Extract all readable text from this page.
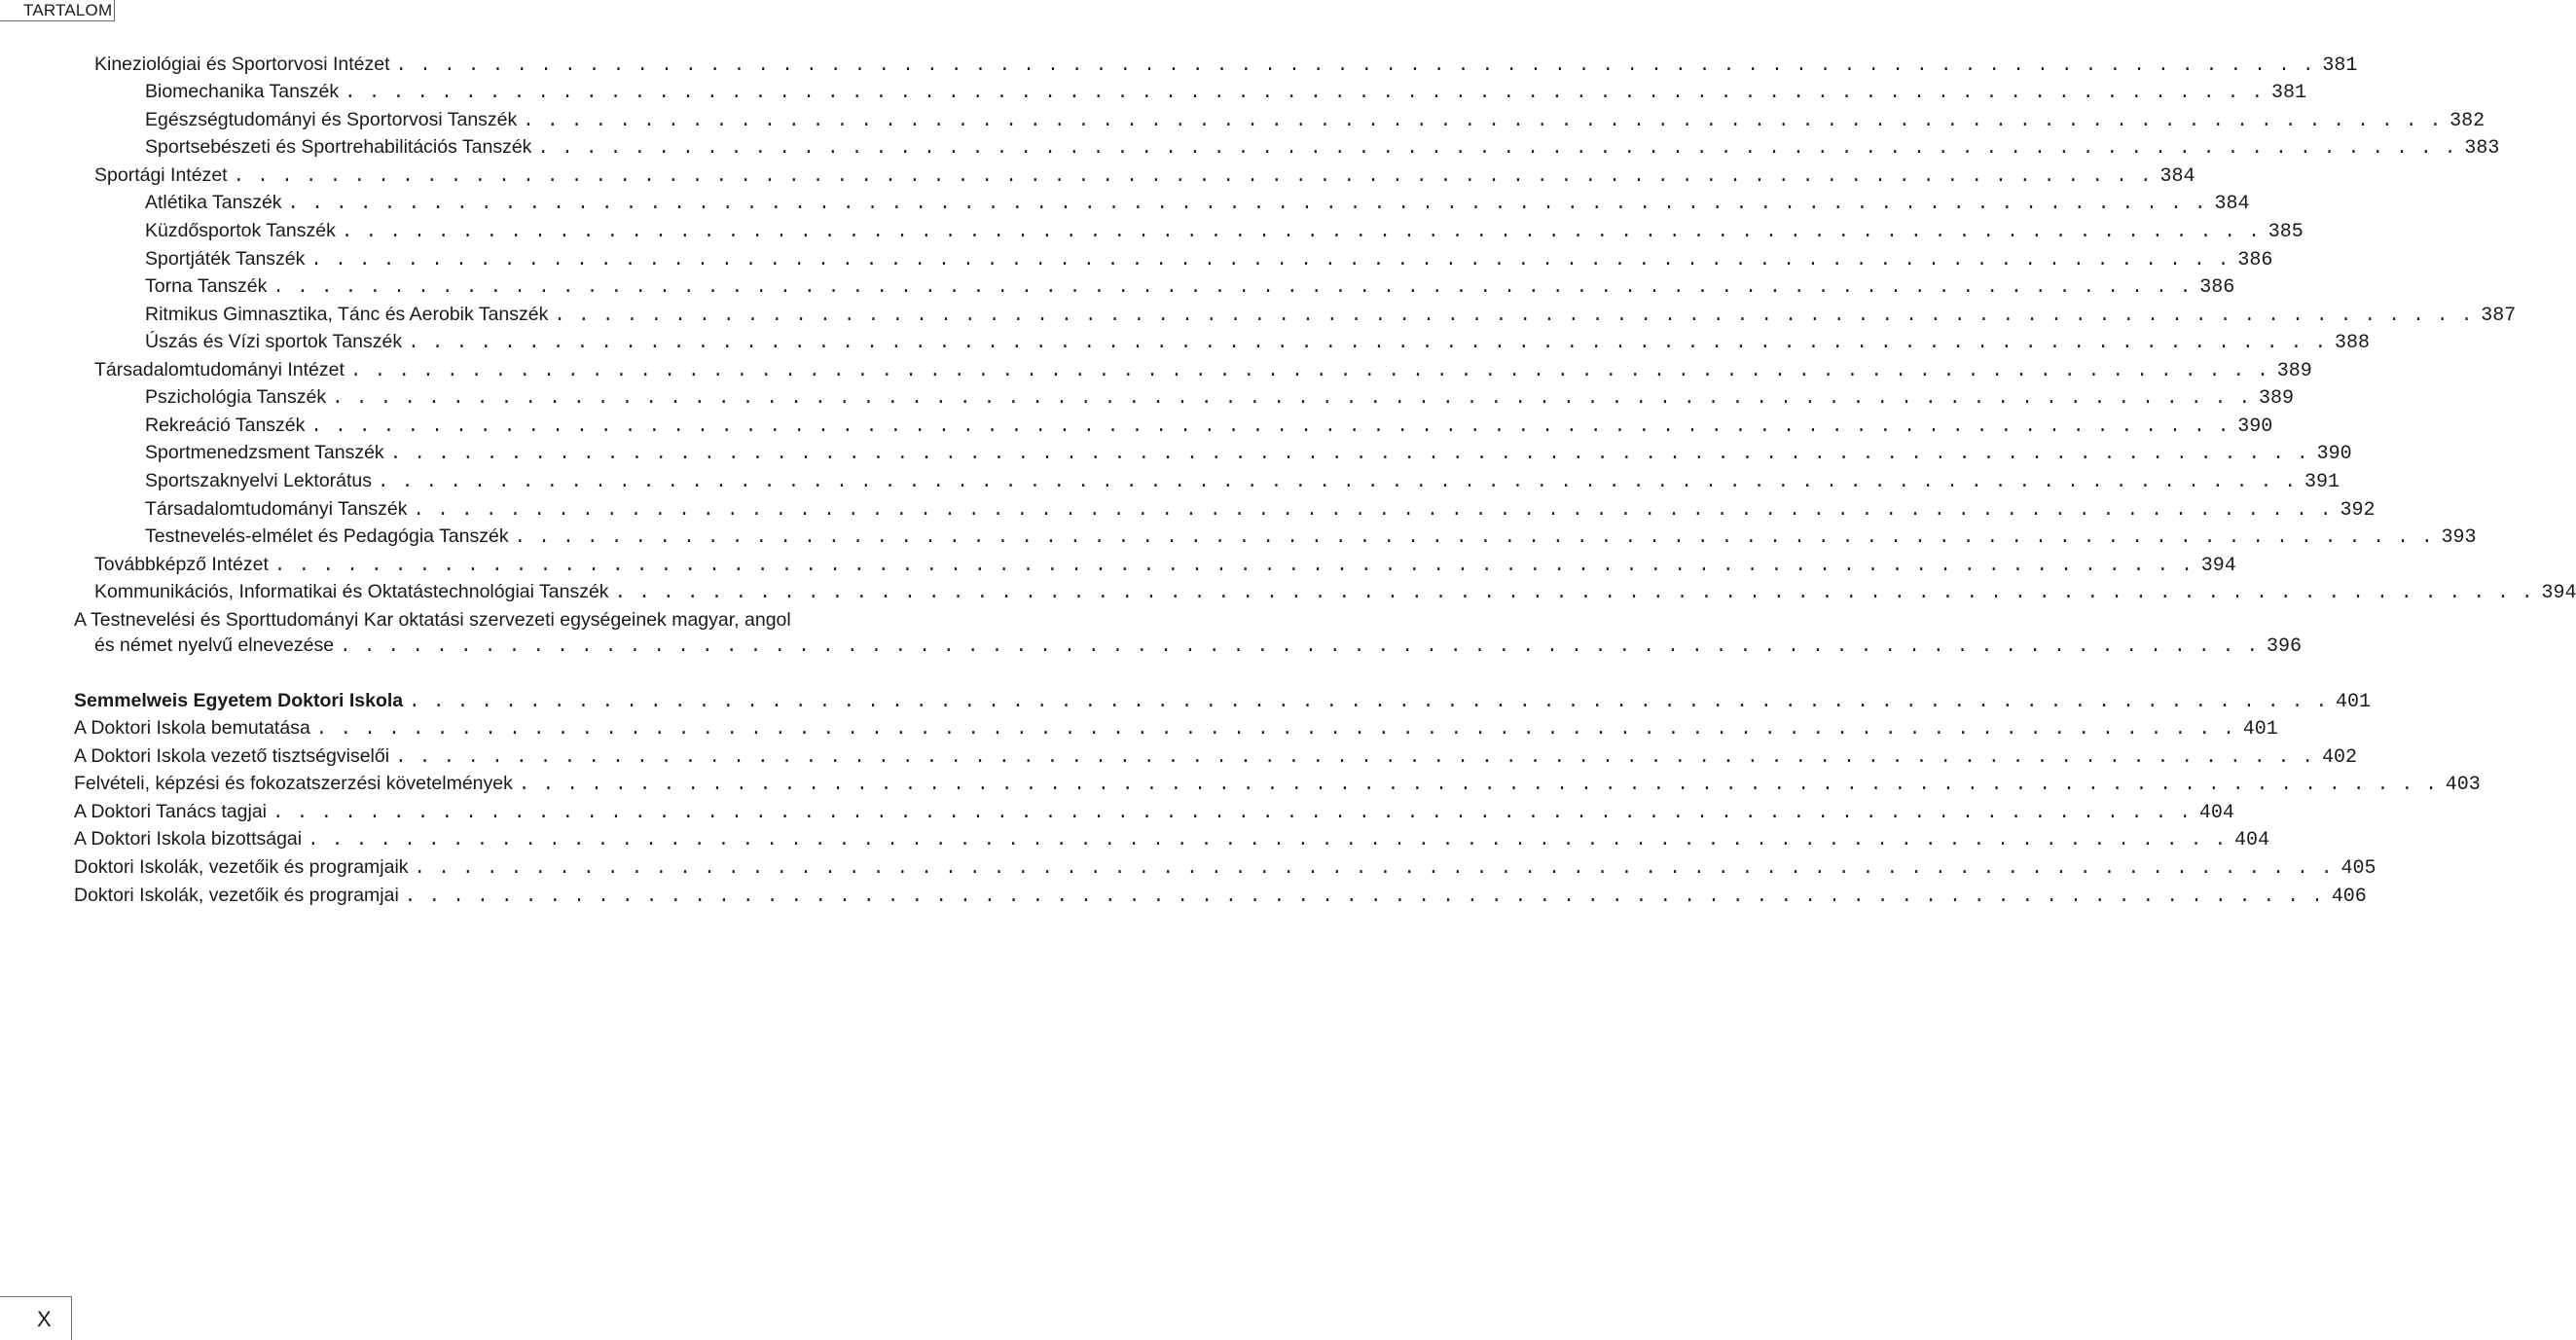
TARTALOM
Kineziológiai és Sportorvosi Intézet . . . . . . . . . . . . . . . . . . . . . . . . . . . . . . . . . . . . . . . . . . . . . . . . . . . . . . . . . . . . . . . . . . . . . . . . . . . . . . . . 381
Biomechanika Tanszék . . . . . . . . . . . . . . . . . . . . . . . . . . . . . . . . . . . . . . . . . . . . . . . . . . . . . . . . . . . . . . . . . . . . . . . . . . . . . . . . 381
Egészségtudományi és Sportorvosi Tanszék . . . . . . . . . . . . . . . . . . . . . . . . . . . . . . . . . . . . . . . . . . . . . . . . . . . . . . . . . . . . . . . . . . . . . . . . . . . . . . . . 382
Sportsebészeti és Sportrehabilitációs Tanszék . . . . . . . . . . . . . . . . . . . . . . . . . . . . . . . . . . . . . . . . . . . . . . . . . . . . . . . . . . . . . . . . . . . . . . . . . . . . . . . . 383
Sportági Intézet . . . . . . . . . . . . . . . . . . . . . . . . . . . . . . . . . . . . . . . . . . . . . . . . . . . . . . . . . . . . . . . . . . . . . . . . . . . . . . . . 384
Atlétika Tanszék . . . . . . . . . . . . . . . . . . . . . . . . . . . . . . . . . . . . . . . . . . . . . . . . . . . . . . . . . . . . . . . . . . . . . . . . . . . . . . . . 384
Küzdősportok Tanszék . . . . . . . . . . . . . . . . . . . . . . . . . . . . . . . . . . . . . . . . . . . . . . . . . . . . . . . . . . . . . . . . . . . . . . . . . . . . . . . . 385
Sportjáték Tanszék . . . . . . . . . . . . . . . . . . . . . . . . . . . . . . . . . . . . . . . . . . . . . . . . . . . . . . . . . . . . . . . . . . . . . . . . . . . . . . . . 386
Torna Tanszék . . . . . . . . . . . . . . . . . . . . . . . . . . . . . . . . . . . . . . . . . . . . . . . . . . . . . . . . . . . . . . . . . . . . . . . . . . . . . . . . 386
Ritmikus Gimnasztika, Tánc és Aerobik Tanszék . . . . . . . . . . . . . . . . . . . . . . . . . . . . . . . . . . . . . . . . . . . . . . . . . . . . . . . . . . . . . . . . . . . . . . . . . . . . . . . . 387
Úszás és Vízi sportok Tanszék . . . . . . . . . . . . . . . . . . . . . . . . . . . . . . . . . . . . . . . . . . . . . . . . . . . . . . . . . . . . . . . . . . . . . . . . . . . . . . . . 388
Társadalomtudományi Intézet . . . . . . . . . . . . . . . . . . . . . . . . . . . . . . . . . . . . . . . . . . . . . . . . . . . . . . . . . . . . . . . . . . . . . . . . . . . . . . . . 389
Pszichológia Tanszék . . . . . . . . . . . . . . . . . . . . . . . . . . . . . . . . . . . . . . . . . . . . . . . . . . . . . . . . . . . . . . . . . . . . . . . . . . . . . . . . 389
Rekreáció Tanszék . . . . . . . . . . . . . . . . . . . . . . . . . . . . . . . . . . . . . . . . . . . . . . . . . . . . . . . . . . . . . . . . . . . . . . . . . . . . . . . . 390
Sportmenedzsment Tanszék . . . . . . . . . . . . . . . . . . . . . . . . . . . . . . . . . . . . . . . . . . . . . . . . . . . . . . . . . . . . . . . . . . . . . . . . . . . . . . . . 390
Sportszaknyelvi Lektorátus . . . . . . . . . . . . . . . . . . . . . . . . . . . . . . . . . . . . . . . . . . . . . . . . . . . . . . . . . . . . . . . . . . . . . . . . . . . . . . . . 391
Társadalomtudományi Tanszék . . . . . . . . . . . . . . . . . . . . . . . . . . . . . . . . . . . . . . . . . . . . . . . . . . . . . . . . . . . . . . . . . . . . . . . . . . . . . . . . 392
Testnevelés-elmélet és Pedagógia Tanszék . . . . . . . . . . . . . . . . . . . . . . . . . . . . . . . . . . . . . . . . . . . . . . . . . . . . . . . . . . . . . . . . . . . . . . . . . . . . . . . . 393
Továbbképző Intézet . . . . . . . . . . . . . . . . . . . . . . . . . . . . . . . . . . . . . . . . . . . . . . . . . . . . . . . . . . . . . . . . . . . . . . . . . . . . . . . . 394
Kommunikációs, Informatikai és Oktatástechnológiai Tanszék . . . . . . . . . . . . . . . . . . . . . . . . . . . . . . . . . . . . . . . . . . . . . . . . . . . . . . . . . . . . . . . . . . . . . . . . . . . . . . . . 394
A Testnevelési és Sporttudományi Kar oktatási szervezeti egységeinek magyar, angol
és német nyelvű elnevezése . . . . . . . . . . . . . . . . . . . . . . . . . . . . . . . . . . . . . . . . . . . . . . . . . . . . . . . . . . . . . . . . . . . . . . . . . . . . . . . . 396
Semmelweis Egyetem Doktori Iskola . . . . . . . . . . . . . . . . . . . . . . . . . . . . . . . . . . . . . . . . . . . . . . . . . . . . . . . . . . . . . . . . . . . . . . . . . . . . . . . . 401
A Doktori Iskola bemutatása . . . . . . . . . . . . . . . . . . . . . . . . . . . . . . . . . . . . . . . . . . . . . . . . . . . . . . . . . . . . . . . . . . . . . . . . . . . . . . . . 401
A Doktori Iskola vezető tisztségviselői . . . . . . . . . . . . . . . . . . . . . . . . . . . . . . . . . . . . . . . . . . . . . . . . . . . . . . . . . . . . . . . . . . . . . . . . . . . . . . . . 402
Felvételi, képzési és fokozatszerzési követelmények . . . . . . . . . . . . . . . . . . . . . . . . . . . . . . . . . . . . . . . . . . . . . . . . . . . . . . . . . . . . . . . . . . . . . . . . . . . . . . . . 403
A Doktori Tanács tagjai . . . . . . . . . . . . . . . . . . . . . . . . . . . . . . . . . . . . . . . . . . . . . . . . . . . . . . . . . . . . . . . . . . . . . . . . . . . . . . . . 404
A Doktori Iskola bizottságai . . . . . . . . . . . . . . . . . . . . . . . . . . . . . . . . . . . . . . . . . . . . . . . . . . . . . . . . . . . . . . . . . . . . . . . . . . . . . . . . 404
Doktori Iskolák, vezetőik és programjaik . . . . . . . . . . . . . . . . . . . . . . . . . . . . . . . . . . . . . . . . . . . . . . . . . . . . . . . . . . . . . . . . . . . . . . . . . . . . . . . . 405
Doktori Iskolák, vezetőik és programjai . . . . . . . . . . . . . . . . . . . . . . . . . . . . . . . . . . . . . . . . . . . . . . . . . . . . . . . . . . . . . . . . . . . . . . . . . . . . . . . . 406
X
